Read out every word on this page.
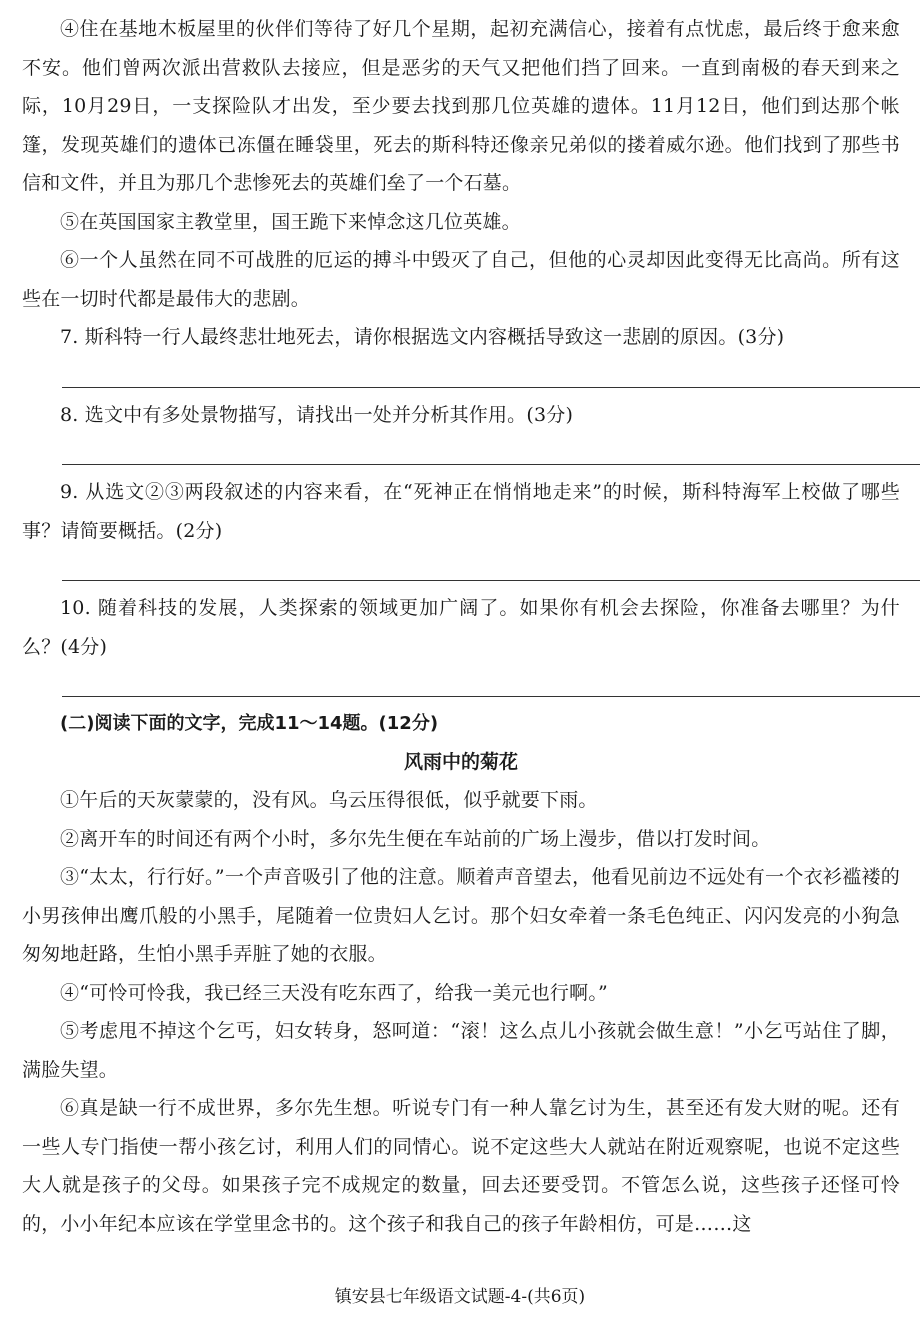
④住在基地木板屋里的伙伴们等待了好几个星期，起初充满信心，接着有点忧虑，最后终于愈来愈不安。他们曾两次派出营救队去接应，但是恶劣的天气又把他们挡了回来。一直到南极的春天到来之际，10月29日，一支探险队才出发，至少要去找到那几位英雄的遗体。11月12日，他们到达那个帐篷，发现英雄们的遗体已冻僵在睡袋里，死去的斯科特还像亲兄弟似的搂着威尔逊。他们找到了那些书信和文件，并且为那几个悲惨死去的英雄们垒了一个石墓。

⑤在英国国家主教堂里，国王跪下来悼念这几位英雄。

⑥一个人虽然在同不可战胜的厄运的搏斗中毁灭了自己，但他的心灵却因此变得无比高尚。所有这些在一切时代都是最伟大的悲剧。

7. 斯科特一行人最终悲壮地死去，请你根据选文内容概括导致这一悲剧的原因。(3分)

8. 选文中有多处景物描写，请找出一处并分析其作用。(3分)

9. 从选文②③两段叙述的内容来看，在“死神正在悄悄地走来”的时候，斯科特海军上校做了哪些事？请简要概括。(2分)

10. 随着科技的发展，人类探索的领域更加广阔了。如果你有机会去探险，你准备去哪里？为什么？(4分)

(二)阅读下面的文字，完成11～14题。(12分)

风雨中的菊花

①午后的天灰蒙蒙的，没有风。乌云压得很低，似乎就要下雨。

②离开车的时间还有两个小时，多尔先生便在车站前的广场上漫步，借以打发时间。

③“太太，行行好。”一个声音吸引了他的注意。顺着声音望去，他看见前边不远处有一个衣衫褴褛的小男孩伸出鹰爪般的小黑手，尾随着一位贵妇人乞讨。那个妇女牵着一条毛色纯正、闪闪发亮的小狗急匆匆地赶路，生怕小黑手弄脏了她的衣服。

④“可怜可怜我，我已经三天没有吃东西了，给我一美元也行啊。”

⑤考虑甩不掉这个乞丐，妇女转身，怒呵道：“滚！这么点儿小孩就会做生意！”小乞丐站住了脚，满脸失望。

⑥真是缺一行不成世界，多尔先生想。听说专门有一种人靠乞讨为生，甚至还有发大财的呢。还有一些人专门指使一帮小孩乞讨，利用人们的同情心。说不定这些大人就站在附近观察呢，也说不定这些大人就是孩子的父母。如果孩子完不成规定的数量，回去还要受罚。不管怎么说，这些孩子还怪可怜的，小小年纪本应该在学堂里念书的。这个孩子和我自己的孩子年龄相仿，可是……这

镇安县七年级语文试题-4-(共6页)
